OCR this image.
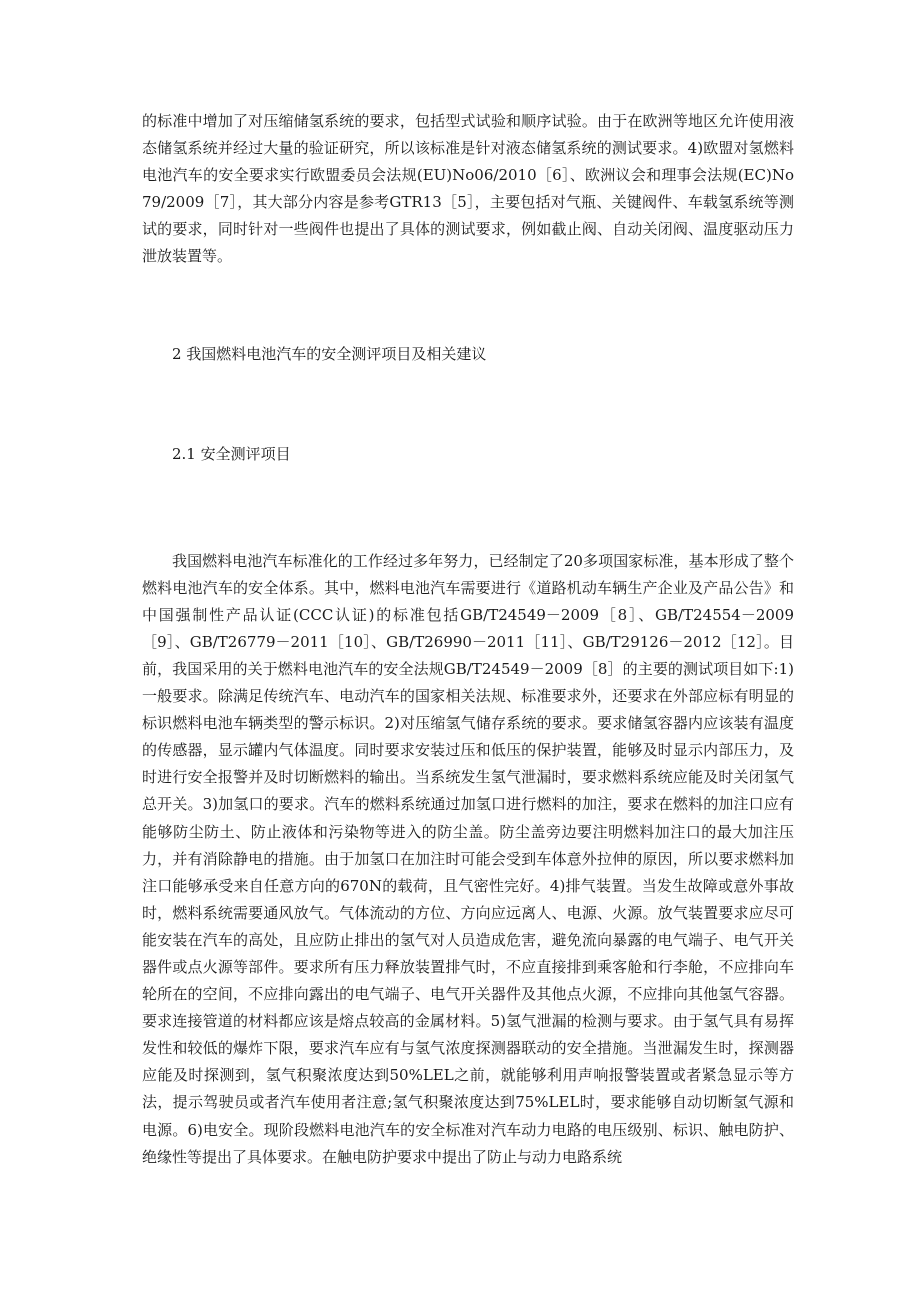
的标准中增加了对压缩储氢系统的要求，包括型式试验和顺序试验。由于在欧洲等地区允许使用液态储氢系统并经过大量的验证研究，所以该标准是针对液态储氢系统的测试要求。4)欧盟对氢燃料电池汽车的安全要求实行欧盟委员会法规(EU)No06/2010［6］、欧洲议会和理事会法规(EC)No79/2009［7］，其大部分内容是参考GTR13［5］，主要包括对气瓶、关键阀件、车载氢系统等测试的要求，同时针对一些阀件也提出了具体的测试要求，例如截止阀、自动关闭阀、温度驱动压力泄放装置等。

2 我国燃料电池汽车的安全测评项目及相关建议

2.1 安全测评项目

我国燃料电池汽车标准化的工作经过多年努力，已经制定了20多项国家标准，基本形成了整个燃料电池汽车的安全体系。其中，燃料电池汽车需要进行《道路机动车辆生产企业及产品公告》和中国强制性产品认证(CCC认证)的标准包括GB/T24549－2009［8］、GB/T24554－2009［9］、GB/T26779－2011［10］、GB/T26990－2011［11］、GB/T29126－2012［12］。目前，我国采用的关于燃料电池汽车的安全法规GB/T24549－2009［8］的主要的测试项目如下:1)一般要求。除满足传统汽车、电动汽车的国家相关法规、标准要求外，还要求在外部应标有明显的标识燃料电池车辆类型的警示标识。2)对压缩氢气储存系统的要求。要求储氢容器内应该装有温度的传感器，显示罐内气体温度。同时要求安装过压和低压的保护装置，能够及时显示内部压力，及时进行安全报警并及时切断燃料的输出。当系统发生氢气泄漏时，要求燃料系统应能及时关闭氢气总开关。3)加氢口的要求。汽车的燃料系统通过加氢口进行燃料的加注，要求在燃料的加注口应有能够防尘防土、防止液体和污染物等进入的防尘盖。防尘盖旁边要注明燃料加注口的最大加注压力，并有消除静电的措施。由于加氢口在加注时可能会受到车体意外拉伸的原因，所以要求燃料加注口能够承受来自任意方向的670N的载荷，且气密性完好。4)排气装置。当发生故障或意外事故时，燃料系统需要通风放气。气体流动的方位、方向应远离人、电源、火源。放气装置要求应尽可能安装在汽车的高处，且应防止排出的氢气对人员造成危害，避免流向暴露的电气端子、电气开关器件或点火源等部件。要求所有压力释放装置排气时，不应直接排到乘客舱和行李舱，不应排向车轮所在的空间，不应排向露出的电气端子、电气开关器件及其他点火源，不应排向其他氢气容器。要求连接管道的材料都应该是熔点较高的金属材料。5)氢气泄漏的检测与要求。由于氢气具有易挥发性和较低的爆炸下限，要求汽车应有与氢气浓度探测器联动的安全措施。当泄漏发生时，探测器应能及时探测到，氢气积聚浓度达到50%LEL之前，就能够利用声响报警装置或者紧急显示等方法，提示驾驶员或者汽车使用者注意;氢气积聚浓度达到75%LEL时，要求能够自动切断氢气源和电源。6)电安全。现阶段燃料电池汽车的安全标准对汽车动力电路的电压级别、标识、触电防护、绝缘性等提出了具体要求。在触电防护要求中提出了防止与动力电路系统
